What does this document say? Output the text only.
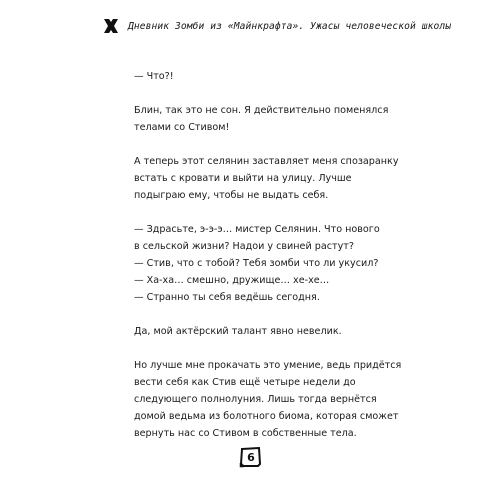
Дневник Зомби из «Майнкрафта». Ужасы человеческой школы
— Что?!
Блин, так это не сон. Я действительно поменялся
телами со Стивом!
А теперь этот селянин заставляет меня спозаранку
встать с кровати и выйти на улицу. Лучше
подыграю ему, чтобы не выдать себя.
— Здрасьте, э-э-э… мистер Селянин. Что нового
в сельской жизни? Надои у свиней растут?
— Стив, что с тобой? Тебя зомби что ли укусил?
— Ха-ха… смешно, дружище… хе-хе…
— Странно ты себя ведёшь сегодня.
Да, мой актёрский талант явно невелик.
Но лучше мне прокачать это умение, ведь придётся
вести себя как Стив ещё четыре недели до
следующего полнолуния. Лишь тогда вернётся
домой ведьма из болотного биома, которая сможет
вернуть нас со Стивом в собственные тела.
6
